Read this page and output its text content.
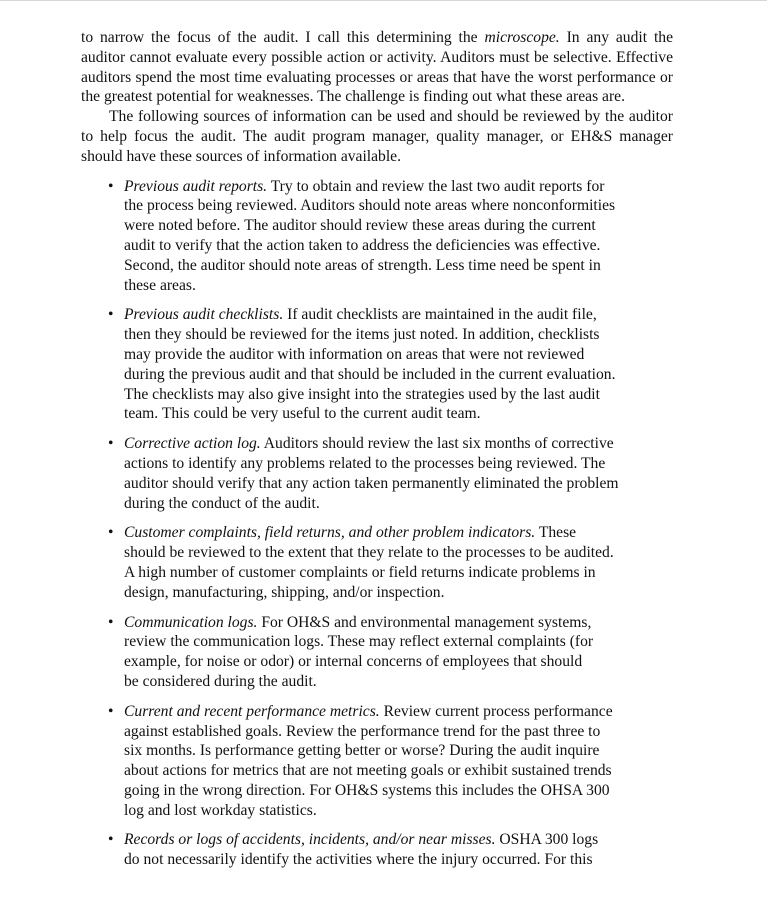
to narrow the focus of the audit. I call this determining the microscope. In any audit the auditor cannot evaluate every possible action or activity. Auditors must be selective. Effective auditors spend the most time evaluating processes or areas that have the worst performance or the greatest potential for weaknesses. The challenge is finding out what these areas are.

The following sources of information can be used and should be reviewed by the auditor to help focus the audit. The audit program manager, quality manager, or EH&S manager should have these sources of information available.

• Previous audit reports. Try to obtain and review the last two audit reports for
the process being reviewed. Auditors should note areas where nonconformities
were noted before. The auditor should review these areas during the current
audit to verify that the action taken to address the deficiencies was effective.
Second, the auditor should note areas of strength. Less time need be spent in
these areas.
• Previous audit checklists. If audit checklists are maintained in the audit file,
then they should be reviewed for the items just noted. In addition, checklists
may provide the auditor with information on areas that were not reviewed
during the previous audit and that should be included in the current evaluation.
The checklists may also give insight into the strategies used by the last audit
team. This could be very useful to the current audit team.
• Corrective action log. Auditors should review the last six months of corrective
actions to identify any problems related to the processes being reviewed. The
auditor should verify that any action taken permanently eliminated the problem
during the conduct of the audit.
• Customer complaints, field returns, and other problem indicators. These
should be reviewed to the extent that they relate to the processes to be audited.
A high number of customer complaints or field returns indicate problems in
design, manufacturing, shipping, and/or inspection.
• Communication logs. For OH&S and environmental management systems,
review the communication logs. These may reflect external complaints (for
example, for noise or odor) or internal concerns of employees that should
be considered during the audit.
• Current and recent performance metrics. Review current process performance
against established goals. Review the performance trend for the past three to
six months. Is performance getting better or worse? During the audit inquire
about actions for metrics that are not meeting goals or exhibit sustained trends
going in the wrong direction. For OH&S systems this includes the OHSA 300
log and lost workday statistics.
• Records or logs of accidents, incidents, and/or near misses. OSHA 300 logs
do not necessarily identify the activities where the injury occurred. For this
